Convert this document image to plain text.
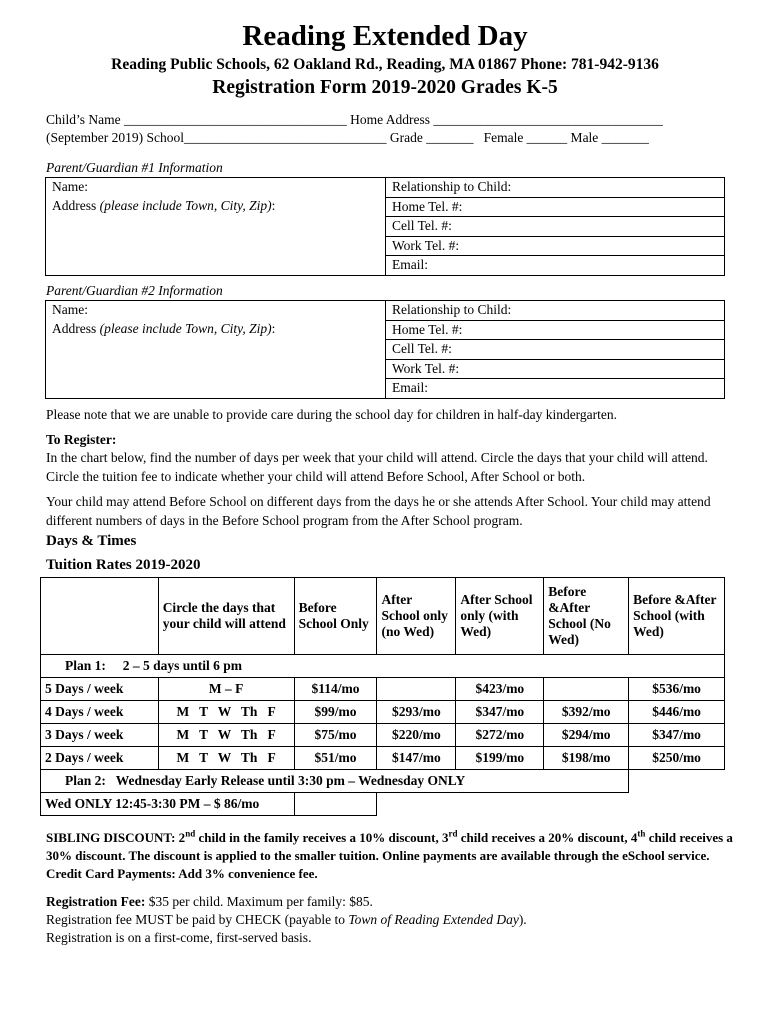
Reading Extended Day
Reading Public Schools, 62 Oakland Rd., Reading, MA 01867 Phone: 781-942-9136
Registration Form 2019-2020 Grades K-5
Child’s Name _________________________________ Home Address __________________________________
(September 2019) School______________________________ Grade _______   Female ______ Male _______
Parent/Guardian #1 Information
Name:
Address (please include Town, City, Zip):

Relationship to Child:
Home Tel. #:
Cell Tel. #:
Work Tel. #:
Email:
Parent/Guardian #2 Information
Name:
Address (please include Town, City, Zip):

Relationship to Child:
Home Tel. #:
Cell Tel. #:
Work Tel. #:
Email:

Please note that we are unable to provide care during the school day for children in half-day kindergarten.

To Register:

In the chart below, find the number of days per week that your child will attend. Circle the days that your child will attend. Circle the tuition fee to indicate whether your child will attend Before School, After School or both.

Your child may attend Before School on different days from the days he or she attends After School. Your child may attend different numbers of days in the Before School program from the After School program.

Days & Times
Tuition Rates 2019-2020
	Circle the days that your child will attend	Before School Only	After School only (no Wed)	After School only (with Wed)	Before &After School (No Wed)	Before &After School (with Wed)
Plan 1:     2 – 5 days until 6 pm						
5 Days / week	M – F	$114/mo		$423/mo		$536/mo
4 Days / week	M   T   W   Th   F	$99/mo	$293/mo	$347/mo	$392/mo	$446/mo
3 Days / week	M   T   W   Th   F	$75/mo	$220/mo	$272/mo	$294/mo	$347/mo
2 Days / week	M   T   W   Th   F	$51/mo	$147/mo	$199/mo	$198/mo	$250/mo
Plan 2:   Wednesday Early Release until 3:30 pm – Wednesday ONLY						
Wed ONLY 12:45-3:30 PM – $ 86/mo						

SIBLING DISCOUNT: 2nd child in the family receives a 10% discount, 3rd child receives a 20% discount, 4th child receives a 30% discount. The discount is applied to the smaller tuition. Online payments are available through the eSchool service. Credit Card Payments: Add 3% convenience fee.

Registration Fee: $35 per child. Maximum per family: $85.
Registration fee MUST be paid by CHECK (payable to Town of Reading Extended Day).
Registration is on a first-come, first-served basis.
